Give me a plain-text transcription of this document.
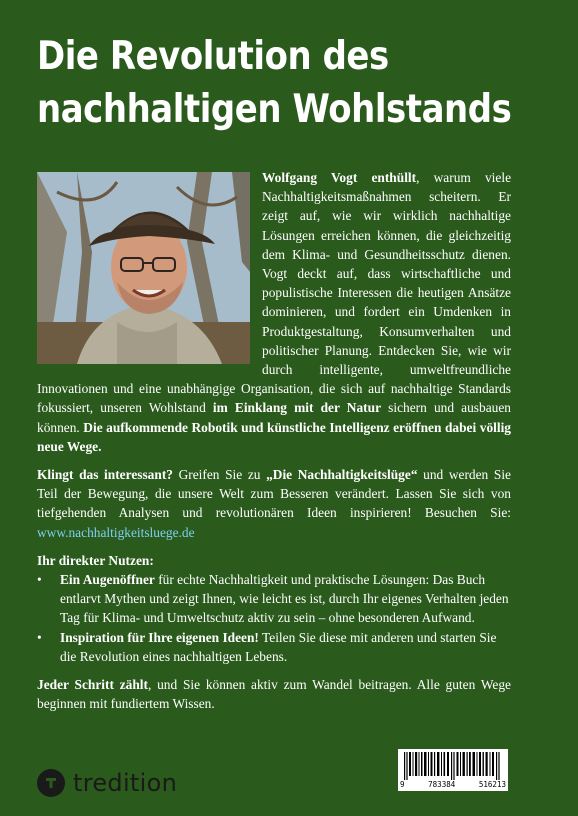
Die Revolution des
nachhaltigen Wohlstands

Wolfgang Vogt enthüllt, warum viele Nachhaltigkeitsmaßnahmen scheitern. Er zeigt auf, wie wir wirklich nachhaltige Lösungen erreichen können, die gleichzeitig dem Klima- und Gesundheitsschutz dienen. Vogt deckt auf, dass wirtschaftliche und populistische Interessen die heutigen Ansätze dominieren, und fordert ein Umdenken in Produktgestaltung, Konsumverhalten und politischer Planung. Entdecken Sie, wie wir durch intelligente, umweltfreundliche Innovationen und eine unabhängige Organisation, die sich auf nachhaltige Standards fokussiert, unseren Wohlstand im Einklang mit der Natur sichern und ausbauen können. Die aufkommende Robotik und künstliche Intelligenz eröffnen dabei völlig neue Wege.

Klingt das interessant? Greifen Sie zu „Die Nachhaltigkeitslüge“ und werden Sie Teil der Bewegung, die unsere Welt zum Besseren verändert. Lassen Sie sich von tiefgehenden Analysen und revolutionären Ideen inspirieren! Besuchen Sie: www.nachhaltigkeitsluege.de

Ihr direkter Nutzen:

• Ein Augenöffner für echte Nachhaltigkeit und praktische Lösungen: Das Buch entlarvt Mythen und zeigt Ihnen, wie leicht es ist, durch Ihr eigenes Verhalten jeden Tag für Klima- und Umweltschutz aktiv zu sein – ohne besonderen Aufwand.
• Inspiration für Ihre eigenen Ideen! Teilen Sie diese mit anderen und starten Sie die Revolution eines nachhaltigen Lebens.

Jeder Schritt zählt, und Sie können aktiv zum Wandel beitragen. Alle guten Wege beginnen mit fundiertem Wissen.

tredition	9	783384	516213
